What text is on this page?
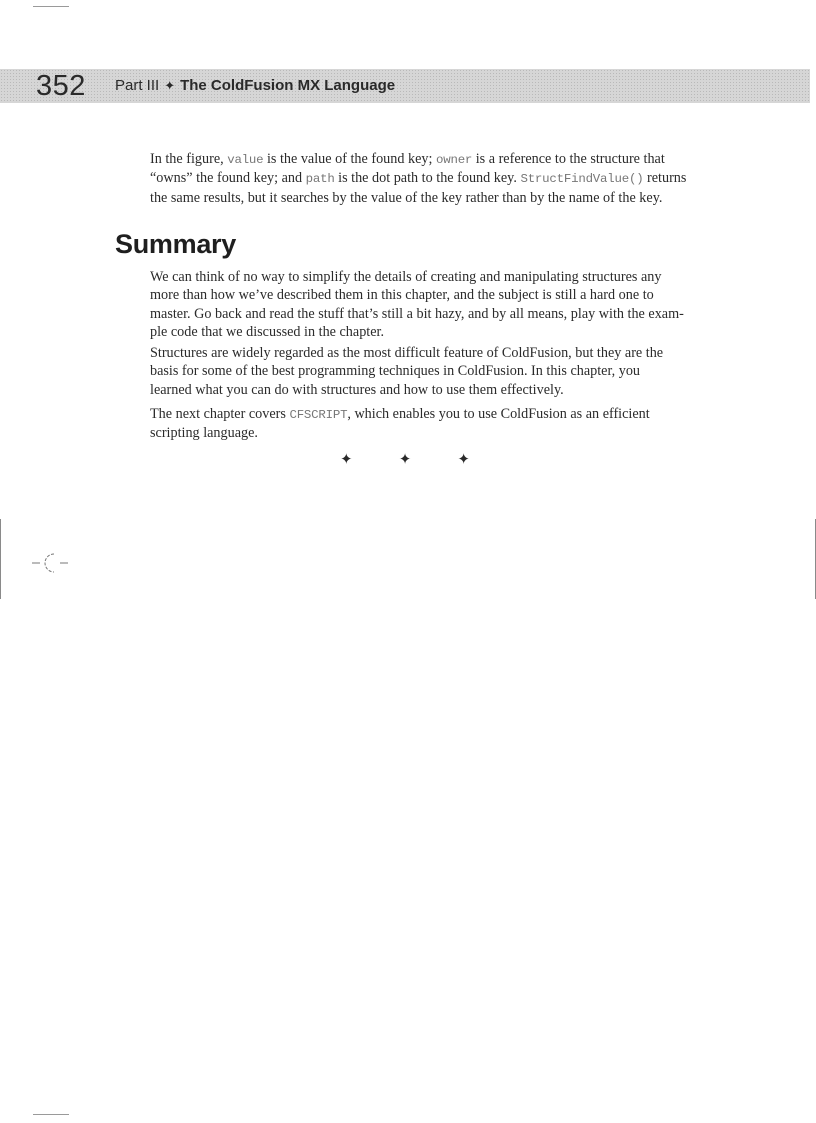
352 Part III ✦ The ColdFusion MX Language
In the figure, value is the value of the found key; owner is a reference to the structure that
“owns” the found key; and path is the dot path to the found key. StructFindValue() returns
the same results, but it searches by the value of the key rather than by the name of the key.
Summary
We can think of no way to simplify the details of creating and manipulating structures any
more than how we’ve described them in this chapter, and the subject is still a hard one to
master. Go back and read the stuff that’s still a bit hazy, and by all means, play with the exam-
ple code that we discussed in the chapter.
Structures are widely regarded as the most difficult feature of ColdFusion, but they are the
basis for some of the best programming techniques in ColdFusion. In this chapter, you
learned what you can do with structures and how to use them effectively.
The next chapter covers CFSCRIPT, which enables you to use ColdFusion as an efficient
scripting language.
✦	✦	✦
